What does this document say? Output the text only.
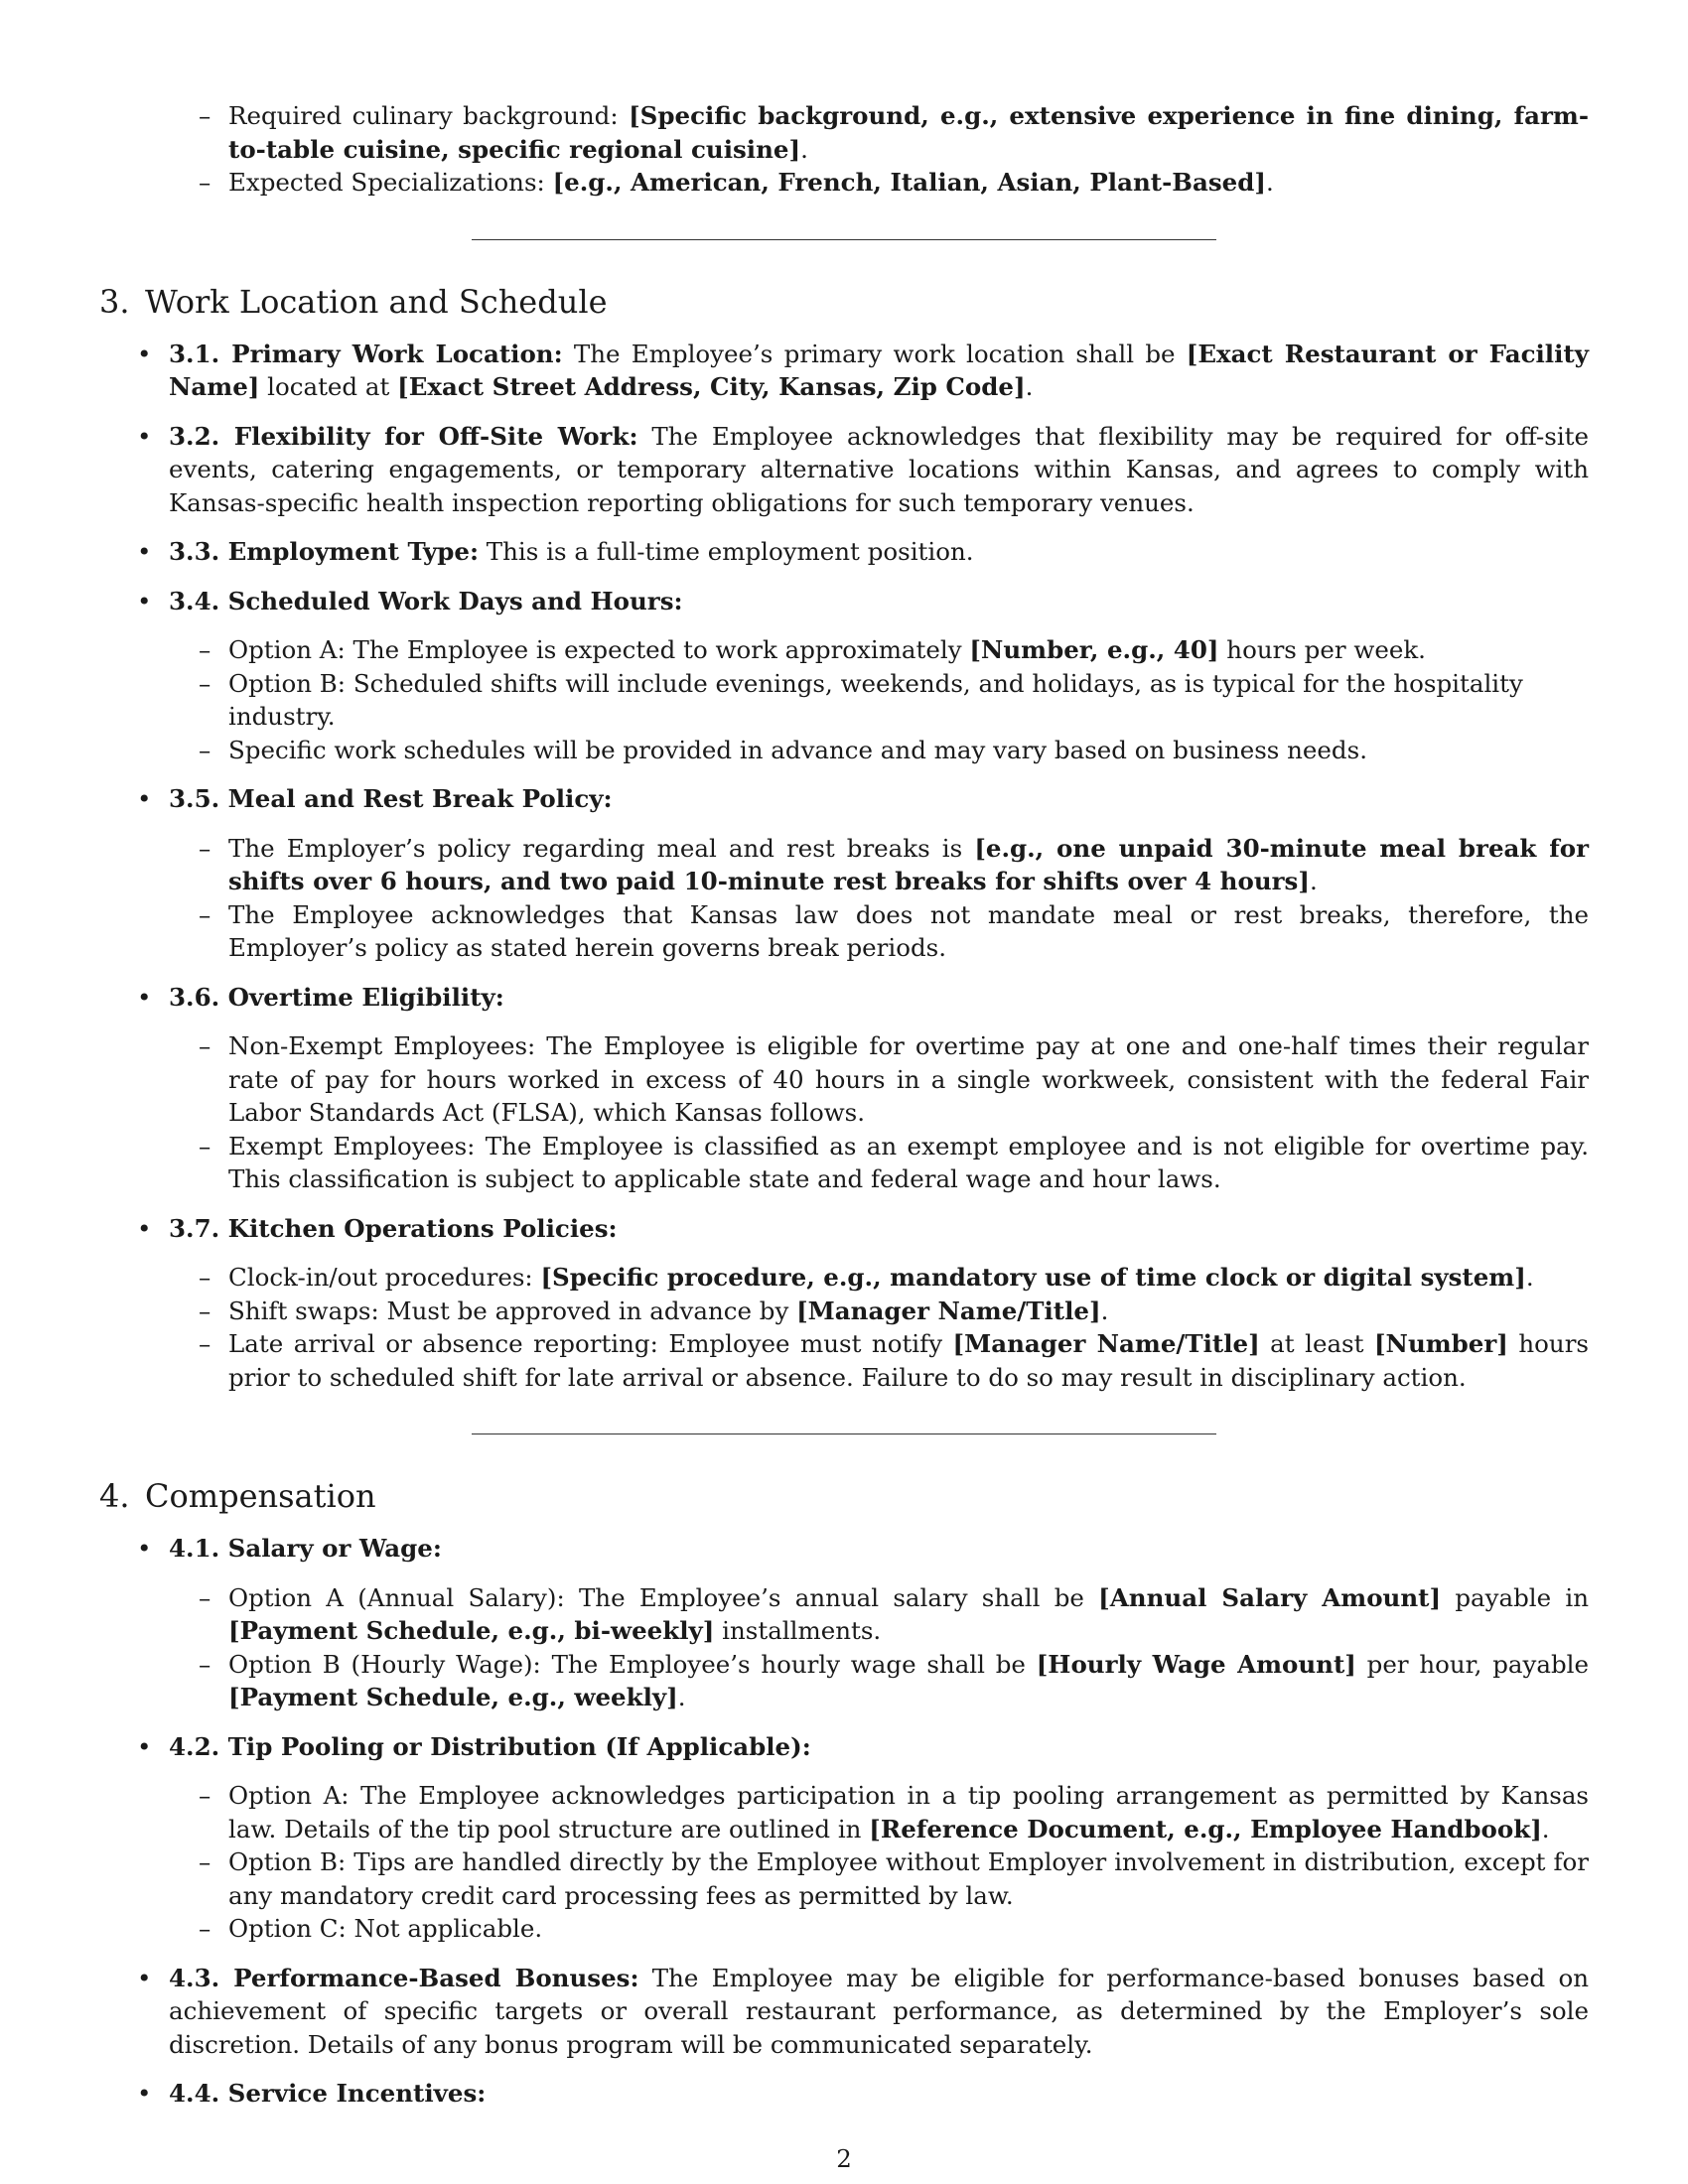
– Required culinary background: [Specific background, e.g., extensive experience in fine dining, farm-to-table cuisine, specific regional cuisine].
– Expected Specializations: [e.g., American, French, Italian, Asian, Plant-Based].
3. Work Location and Schedule
• 3.1. Primary Work Location: The Employee’s primary work location shall be [Exact Restaurant or Facility Name] located at [Exact Street Address, City, Kansas, Zip Code].
• 3.2. Flexibility for Off-Site Work: The Employee acknowledges that flexibility may be required for off-site events, catering engagements, or temporary alternative locations within Kansas, and agrees to comply with Kansas-specific health inspection reporting obligations for such temporary venues.
• 3.3. Employment Type: This is a full-time employment position.
• 3.4. Scheduled Work Days and Hours:
– Option A: The Employee is expected to work approximately [Number, e.g., 40] hours per week.
– Option B: Scheduled shifts will include evenings, weekends, and holidays, as is typical for the hospitality industry.
– Specific work schedules will be provided in advance and may vary based on business needs.
• 3.5. Meal and Rest Break Policy:
– The Employer’s policy regarding meal and rest breaks is [e.g., one unpaid 30-minute meal break for shifts over 6 hours, and two paid 10-minute rest breaks for shifts over 4 hours].
– The Employee acknowledges that Kansas law does not mandate meal or rest breaks, therefore, the Employer’s policy as stated herein governs break periods.
• 3.6. Overtime Eligibility:
– Non-Exempt Employees: The Employee is eligible for overtime pay at one and one-half times their regular rate of pay for hours worked in excess of 40 hours in a single workweek, consistent with the federal Fair Labor Standards Act (FLSA), which Kansas follows.
– Exempt Employees: The Employee is classified as an exempt employee and is not eligible for overtime pay. This classification is subject to applicable state and federal wage and hour laws.
• 3.7. Kitchen Operations Policies:
– Clock-in/out procedures: [Specific procedure, e.g., mandatory use of time clock or digital system].
– Shift swaps: Must be approved in advance by [Manager Name/Title].
– Late arrival or absence reporting: Employee must notify [Manager Name/Title] at least [Number] hours prior to scheduled shift for late arrival or absence. Failure to do so may result in disciplinary action.
4. Compensation
• 4.1. Salary or Wage:
– Option A (Annual Salary): The Employee’s annual salary shall be [Annual Salary Amount] payable in [Payment Schedule, e.g., bi-weekly] installments.
– Option B (Hourly Wage): The Employee’s hourly wage shall be [Hourly Wage Amount] per hour, payable [Payment Schedule, e.g., weekly].
• 4.2. Tip Pooling or Distribution (If Applicable):
– Option A: The Employee acknowledges participation in a tip pooling arrangement as permitted by Kansas law. Details of the tip pool structure are outlined in [Reference Document, e.g., Employee Handbook].
– Option B: Tips are handled directly by the Employee without Employer involvement in distribution, except for any mandatory credit card processing fees as permitted by law.
– Option C: Not applicable.
• 4.3. Performance-Based Bonuses: The Employee may be eligible for performance-based bonuses based on achievement of specific targets or overall restaurant performance, as determined by the Employer’s sole discretion. Details of any bonus program will be communicated separately.
• 4.4. Service Incentives:
2
